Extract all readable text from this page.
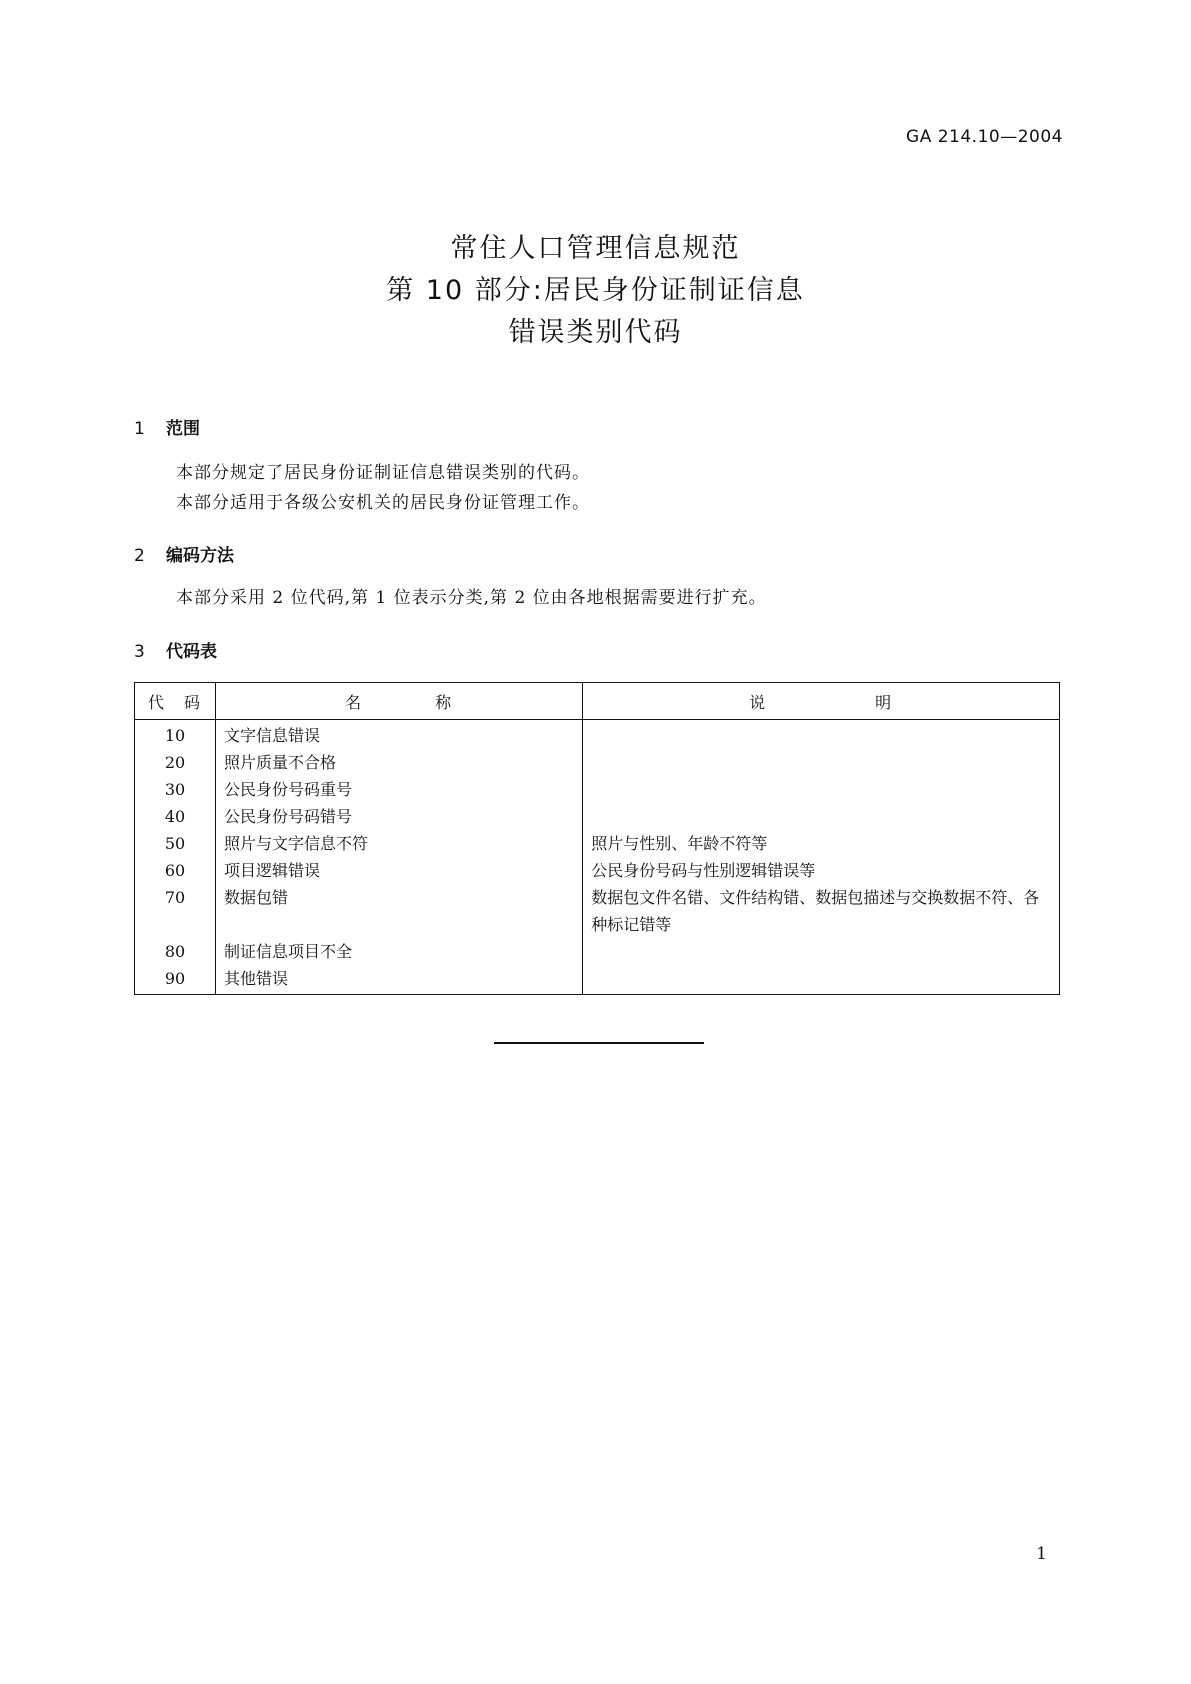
GA 214.10—2004
常住人口管理信息规范
第 10 部分:居民身份证制证信息
错误类别代码
1 范围
本部分规定了居民身份证制证信息错误类别的代码。
本部分适用于各级公安机关的居民身份证管理工作。
2 编码方法
本部分采用 2 位代码,第 1 位表示分类,第 2 位由各地根据需要进行扩充。
3 代码表
代　码	名　　　　称	说　　　　　　明
10	文字信息错误	
20	照片质量不合格	
30	公民身份号码重号	
40	公民身份号码错号	
50	照片与文字信息不符	照片与性别、年龄不符等
60	项目逻辑错误	公民身份号码与性别逻辑错误等
70	数据包错	数据包文件名错、文件结构错、数据包描述与交换数据不符、各种标记错等
80	制证信息项目不全	
90	其他错误	
1
